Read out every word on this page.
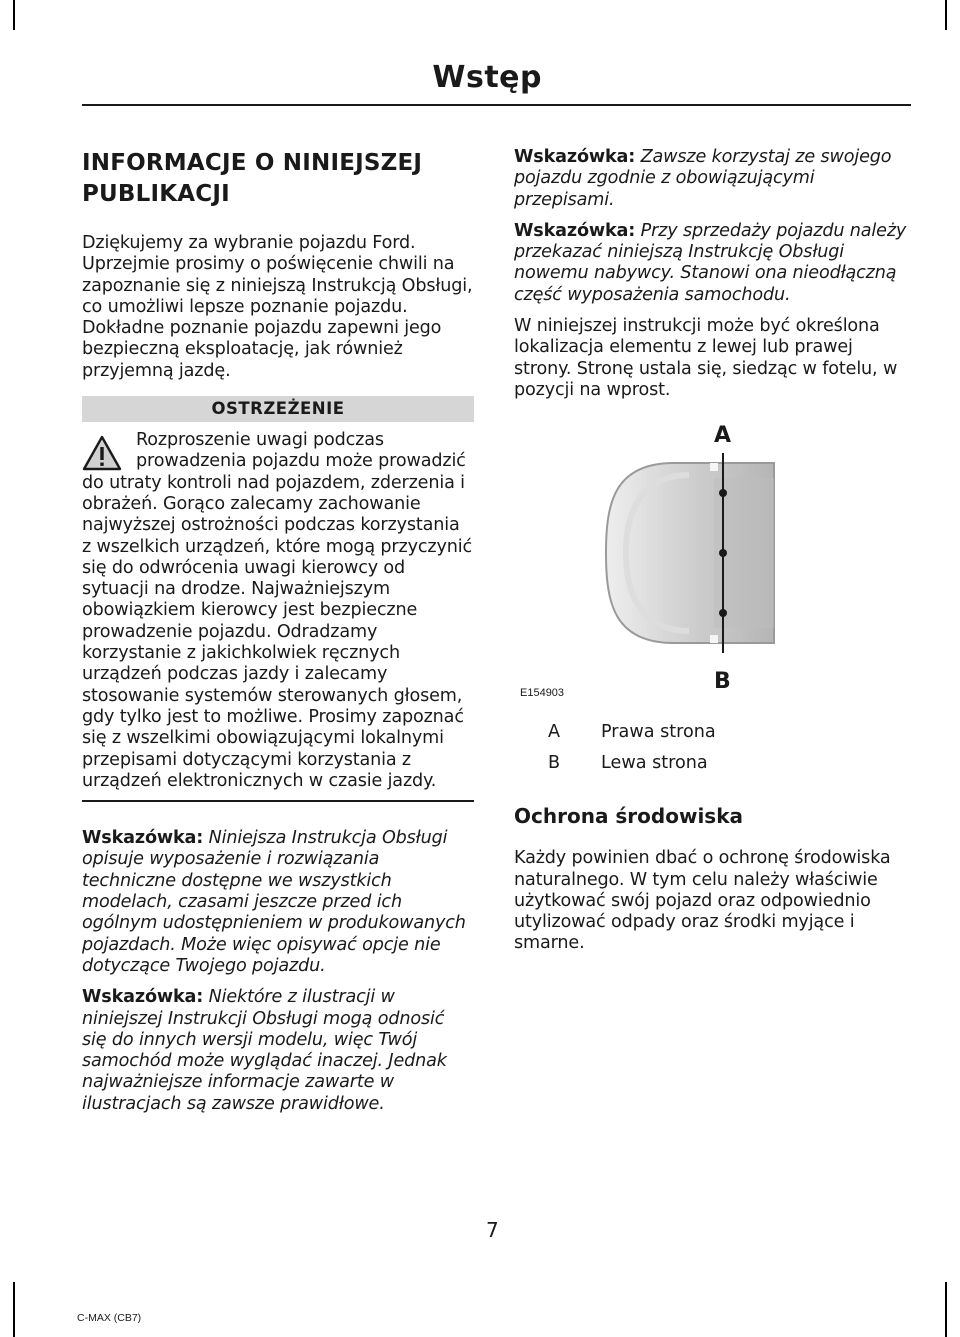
Wstęp
INFORMACJE O NINIEJSZEJ PUBLIKACJI

Dziękujemy za wybranie pojazdu Ford. Uprzejmie prosimy o poświęcenie chwili na zapoznanie się z niniejszą Instrukcją Obsługi, co umożliwi lepsze poznanie pojazdu. Dokładne poznanie pojazdu zapewni jego bezpieczną eksploatację, jak również przyjemną jazdę.

OSTRZEŻENIE

Rozproszenie uwagi podczas prowadzenia pojazdu może prowadzić do utraty kontroli nad pojazdem, zderzenia i obrażeń. Gorąco zalecamy zachowanie najwyższej ostrożności podczas korzystania z wszelkich urządzeń, które mogą przyczynić się do odwrócenia uwagi kierowcy od sytuacji na drodze. Najważniejszym obowiązkiem kierowcy jest bezpieczne prowadzenie pojazdu. Odradzamy korzystanie z jakichkolwiek ręcznych urządzeń podczas jazdy i zalecamy stosowanie systemów sterowanych głosem, gdy tylko jest to możliwe. Prosimy zapoznać się z wszelkimi obowiązującymi lokalnymi przepisami dotyczącymi korzystania z urządzeń elektronicznych w czasie jazdy.

Wskazówka: Niniejsza Instrukcja Obsługi opisuje wyposażenie i rozwiązania techniczne dostępne we wszystkich modelach, czasami jeszcze przed ich ogólnym udostępnieniem w produkowanych pojazdach. Może więc opisywać opcje nie dotyczące Twojego pojazdu.

Wskazówka: Niektóre z ilustracji w niniejszej Instrukcji Obsługi mogą odnosić się do innych wersji modelu, więc Twój samochód może wyglądać inaczej. Jednak najważniejsze informacje zawarte w ilustracjach są zawsze prawidłowe.

Wskazówka: Zawsze korzystaj ze swojego pojazdu zgodnie z obowiązującymi przepisami.

Wskazówka: Przy sprzedaży pojazdu należy przekazać niniejszą Instrukcję Obsługi nowemu nabywcy. Stanowi ona nieodłączną część wyposażenia samochodu.

W niniejszej instrukcji może być określona lokalizacja elementu z lewej lub prawej strony. Stronę ustala się, siedząc w fotelu, w pozycji na wprost.

A
B
E154903
A Prawa strona
B Lewa strona
Ochrona środowiska

Każdy powinien dbać o ochronę środowiska naturalnego. W tym celu należy właściwie użytkować swój pojazd oraz odpowiednio utylizować odpady oraz środki myjące i smarne.

7
C-MAX (CB7)
